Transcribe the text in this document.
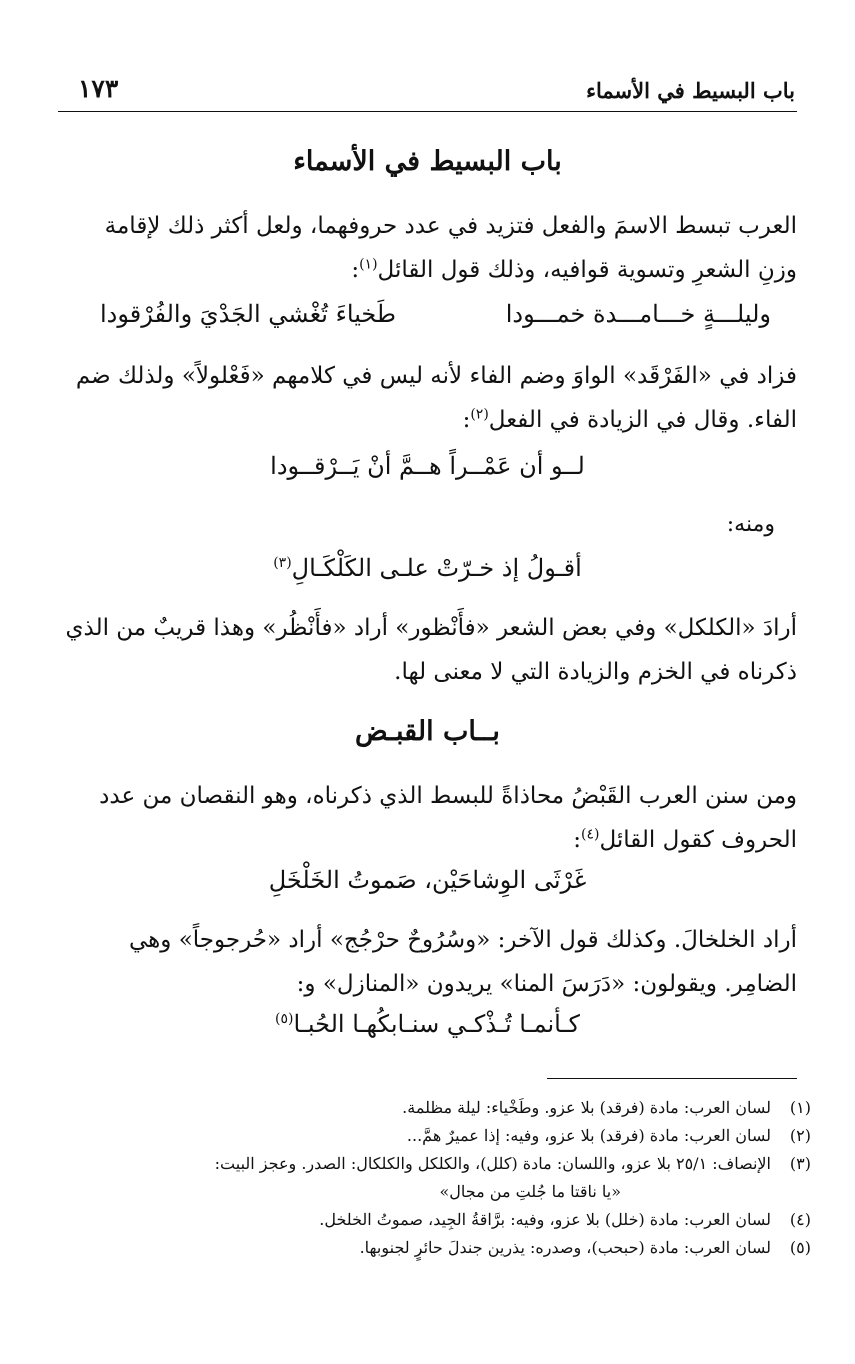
باب البسيط في الأسماء
١٧٣
باب البسيط في الأسماء
العرب تبسط الاسمَ والفعل فتزيد في عدد حروفهما، ولعل أكثر ذلك لإقامة
وزنِ الشعرِ وتسوية قوافيه، وذلك قول القائل$^{(١)}$:
وليلـــةٍ خـــامـــدة خمـــودا
طَخياءَ تُغْشي الجَدْيَ والفُرْقودا
فزاد في «الفَرْقَد» الواوَ وضم الفاء لأنه ليس في كلامهم «فَعْلولاً» ولذلك ضم
الفاء. وقال في الزيادة في الفعل$^{(٢)}$:
لــو أن عَمْــراً هــمَّ أنْ يَــرْقــودا
ومنه:
أقـولُ إذ خـرّتْ علـى الكَلْكَـالِ$^{(٣)}$
أرادَ «الكلكل» وفي بعض الشعر «فأَنْظور» أراد «فأَنْظُر» وهذا قريبٌ من الذي
ذكرناه في الخزم والزيادة التي لا معنى لها.
بــاب القبـض
ومن سنن العرب القَبْضُ محاذاةً للبسط الذي ذكرناه، وهو النقصان من عدد
الحروف كقول القائل$^{(٤)}$:
غَرْثَى الوِشاحَيْن، صَموتُ الخَلْخَلِ
أراد الخلخالَ. وكذلك قول الآخر: «وسُرُوحٌ حرْجُج» أراد «حُرجوجاً» وهي
الضامِر. ويقولون: «دَرَسَ المنا» يريدون «المنازل» و:
كـأنمـا تُـذْكـي سنـابكُهـا الحُبـا$^{(٥)}$
(١)
لسان العرب: مادة (فرقد) بلا عزو. وطَخْياء: ليلة مظلمة.
(٢)
لسان العرب: مادة (فرقد) بلا عزو، وفيه: إذا عميرٌ همَّ...
(٣)
الإنصاف: ٢٥/١ بلا عزو، واللسان: مادة (كلل)، والكلكل والكلكال: الصدر. وعجز البيت:
«يا ناقتا ما جُلتِ من مجال»
(٤)
لسان العرب: مادة (خلل) بلا عزو، وفيه: برَّاقةُ الجِيد، صموتُ الخلخل.
(٥)
لسان العرب: مادة (حبحب)، وصدره: يذرين جندلَ حائرٍ لجنوبها.
